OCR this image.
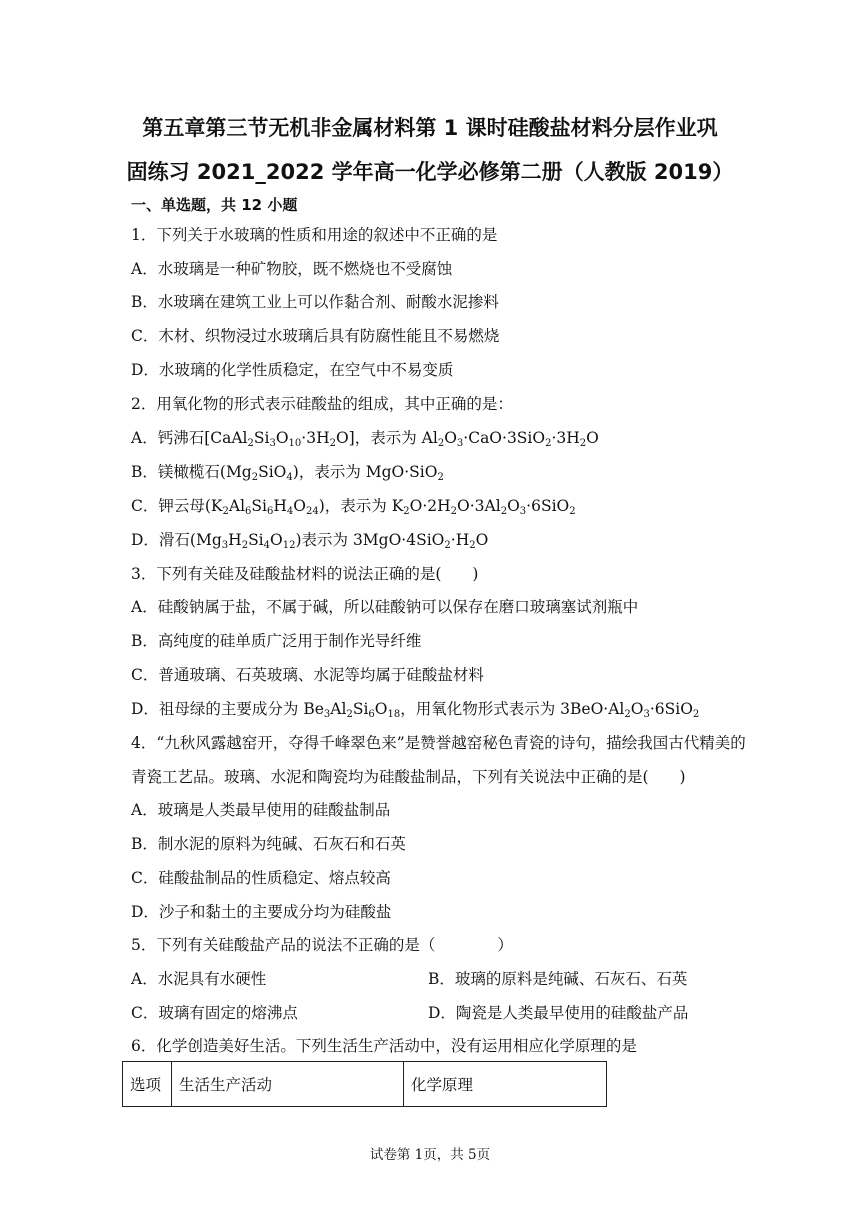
第五章第三节无机非金属材料第 1 课时硅酸盐材料分层作业巩
固练习 2021_2022 学年高一化学必修第二册（人教版 2019）
一、单选题，共 12 小题
1．下列关于水玻璃的性质和用途的叙述中不正确的是
A．水玻璃是一种矿物胶，既不燃烧也不受腐蚀
B．水玻璃在建筑工业上可以作黏合剂、耐酸水泥掺料
C．木材、织物浸过水玻璃后具有防腐性能且不易燃烧
D．水玻璃的化学性质稳定，在空气中不易变质
2．用氧化物的形式表示硅酸盐的组成，其中正确的是：
A．钙沸石$[CaAl_2Si_3O_{10}\cdot 3H_2O]$，表示为 $Al_2O_3\cdot CaO\cdot 3SiO_2\cdot 3H_2O$
B．镁橄榄石$(Mg_2SiO_4)$，表示为 MgO·SiO$_2$
C．钾云母$(K_2Al_6Si_6H_4O_{24})$，表示为 $K_2O\cdot 2H_2O\cdot 3Al_2O_3\cdot 6SiO_2$
D．滑石$(Mg_3H_2Si_4O_{12})$表示为 $3MgO\cdot 4SiO_2\cdot H_2O$
3．下列有关硅及硅酸盐材料的说法正确的是(　　)
A．硅酸钠属于盐，不属于碱，所以硅酸钠可以保存在磨口玻璃塞试剂瓶中
B．高纯度的硅单质广泛用于制作光导纤维
C．普通玻璃、石英玻璃、水泥等均属于硅酸盐材料
D．祖母绿的主要成分为 $Be_3Al_2Si_6O_{18}$，用氧化物形式表示为 $3BeO\cdot Al_2O_3\cdot 6SiO_2$
4．“九秋风露越窑开，夺得千峰翠色来”是赞誉越窑秘色青瓷的诗句，描绘我国古代精美的
青瓷工艺品。玻璃、水泥和陶瓷均为硅酸盐制品，下列有关说法中正确的是(　　)
A．玻璃是人类最早使用的硅酸盐制品
B．制水泥的原料为纯碱、石灰石和石英
C．硅酸盐制品的性质稳定、熔点较高
D．沙子和黏土的主要成分均为硅酸盐
5．下列有关硅酸盐产品的说法不正确的是（　　　　）
A．水泥具有水硬性	B．玻璃的原料是纯碱、石灰石、石英
C．玻璃有固定的熔沸点	D．陶瓷是人类最早使用的硅酸盐产品
6．化学创造美好生活。下列生活生产活动中，没有运用相应化学原理的是
选项	生活生产活动	化学原理
试卷第 1页，共 5页
